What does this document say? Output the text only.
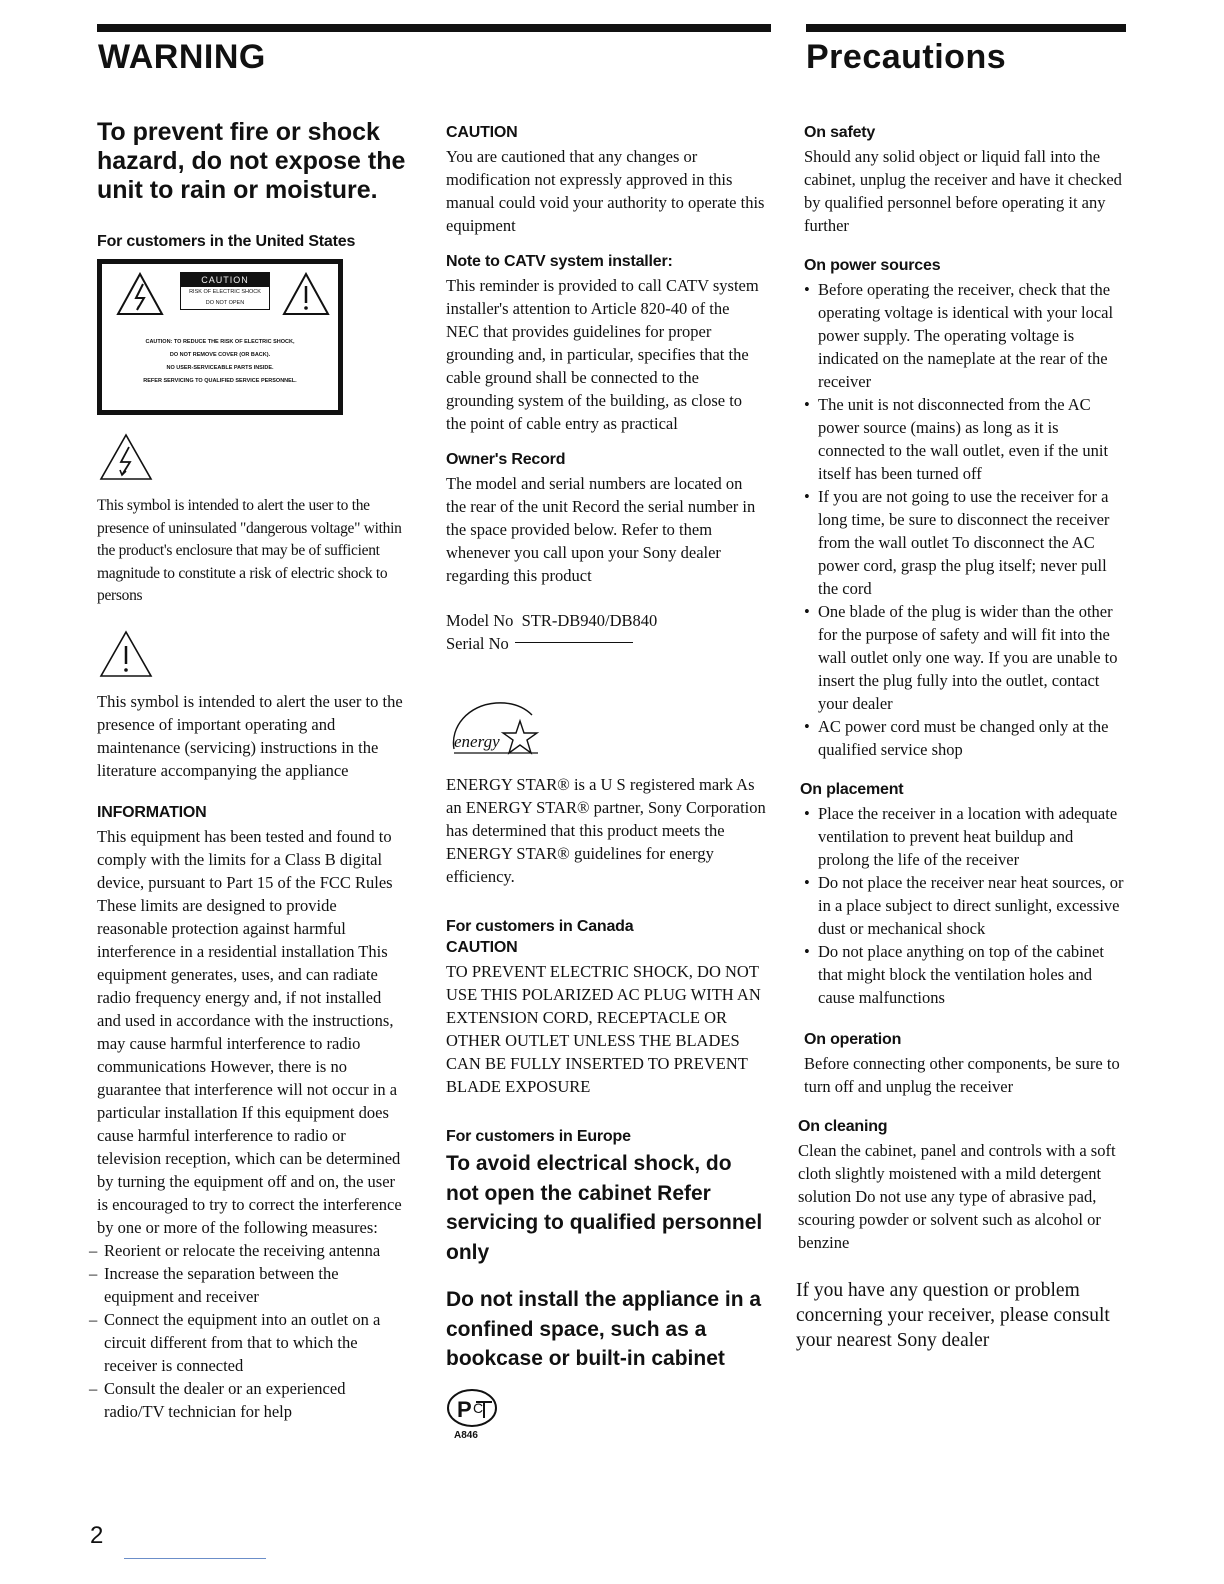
WARNING	Precautions

To prevent fire or shock hazard, do not expose the unit to rain or moisture.

For customers in the United States

CAUTION
RISK OF ELECTRIC SHOCK
DO NOT OPEN
CAUTION: TO REDUCE THE RISK OF ELECTRIC SHOCK,
DO NOT REMOVE COVER (OR BACK).
NO USER-SERVICEABLE PARTS INSIDE.
REFER SERVICING TO QUALIFIED SERVICE PERSONNEL.

This symbol is intended to alert the user to the presence of uninsulated "dangerous voltage" within the product's enclosure that may be of sufficient magnitude to constitute a risk of electric shock to persons

This symbol is intended to alert the user to the presence of important operating and maintenance (servicing) instructions in the literature accompanying the appliance

INFORMATION

This equipment has been tested and found to comply with the limits for a Class B digital device, pursuant to Part 15 of the FCC Rules These limits are designed to provide reasonable protection against harmful interference in a residential installation This equipment generates, uses, and can radiate radio frequency energy and, if not installed and used in accordance with the instructions, may cause harmful interference to radio communications However, there is no guarantee that interference will not occur in a particular installation If this equipment does cause harmful interference to radio or television reception, which can be determined by turning the equipment off and on, the user is encouraged to try to correct the interference by one or more of the following measures:

– Reorient or relocate the receiving antenna
– Increase the separation between the equipment and receiver
– Connect the equipment into an outlet on a circuit different from that to which the receiver is connected
– Consult the dealer or an experienced radio/TV technician for help

CAUTION

You are cautioned that any changes or modification not expressly approved in this manual could void your authority to operate this equipment

Note to CATV system installer:

This reminder is provided to call CATV system installer's attention to Article 820-40 of the NEC that provides guidelines for proper grounding and, in particular, specifies that the cable ground shall be connected to the grounding system of the building, as close to the point of cable entry as practical

Owner's Record

The model and serial numbers are located on the rear of the unit Record the serial number in the space provided below. Refer to them whenever you call upon your Sony dealer regarding this product

Model No STR-DB940/DB840
Serial No
energy

ENERGY STAR® is a U S registered mark As an ENERGY STAR® partner, Sony Corporation has determined that this product meets the ENERGY STAR® guidelines for energy efficiency.

For customers in Canada

CAUTION

TO PREVENT ELECTRIC SHOCK, DO NOT USE THIS POLARIZED AC PLUG WITH AN EXTENSION CORD, RECEPTACLE OR OTHER OUTLET UNLESS THE BLADES CAN BE FULLY INSERTED TO PREVENT BLADE EXPOSURE

For customers in Europe

To avoid electrical shock, do not open the cabinet Refer servicing to qualified personnel only

Do not install the appliance in a confined space, such as a bookcase or built-in cabinet

P C
A846

On safety

Should any solid object or liquid fall into the cabinet, unplug the receiver and have it checked by qualified personnel before operating it any further

On power sources

• Before operating the receiver, check that the operating voltage is identical with your local power supply. The operating voltage is indicated on the nameplate at the rear of the receiver
• The unit is not disconnected from the AC power source (mains) as long as it is connected to the wall outlet, even if the unit itself has been turned off
• If you are not going to use the receiver for a long time, be sure to disconnect the receiver from the wall outlet To disconnect the AC power cord, grasp the plug itself; never pull the cord
• One blade of the plug is wider than the other for the purpose of safety and will fit into the wall outlet only one way. If you are unable to insert the plug fully into the outlet, contact your dealer
• AC power cord must be changed only at the qualified service shop

On placement

• Place the receiver in a location with adequate ventilation to prevent heat buildup and prolong the life of the receiver
• Do not place the receiver near heat sources, or in a place subject to direct sunlight, excessive dust or mechanical shock
• Do not place anything on top of the cabinet that might block the ventilation holes and cause malfunctions

On operation

Before connecting other components, be sure to turn off and unplug the receiver

On cleaning

Clean the cabinet, panel and controls with a soft cloth slightly moistened with a mild detergent solution Do not use any type of abrasive pad, scouring powder or solvent such as alcohol or benzine

If you have any question or problem concerning your receiver, please consult your nearest Sony dealer

2
